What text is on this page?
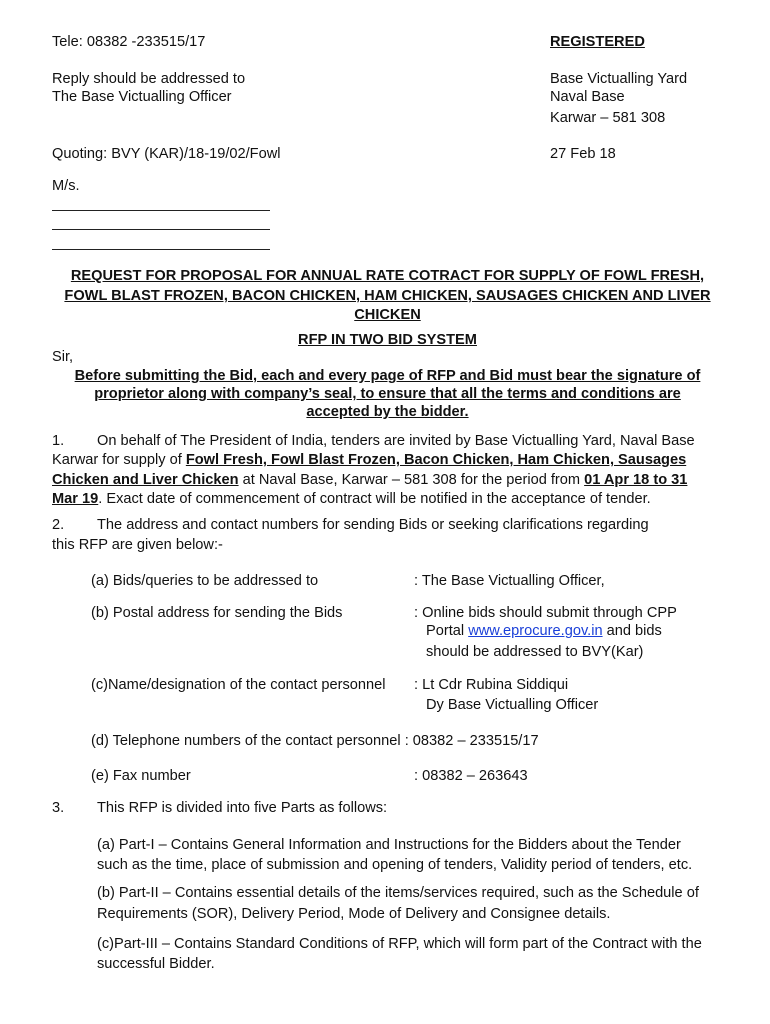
Tele: 08382 -233515/17	REGISTERED
Reply should be addressed to
The Base Victualling Officer
Base Victualling Yard
Naval Base
Karwar – 581 308
Quoting: BVY (KAR)/18-19/02/Fowl	27 Feb 18
M/s.
REQUEST FOR PROPOSAL FOR ANNUAL RATE COTRACT FOR SUPPLY OF FOWL FRESH,
FOWL BLAST FROZEN, BACON CHICKEN, HAM CHICKEN, SAUSAGES CHICKEN AND LIVER
CHICKEN
RFP IN TWO BID SYSTEM
Sir,
Before submitting the Bid, each and every page of RFP and Bid must bear the signature of
proprietor along with company’s seal, to ensure that all the terms and conditions are
accepted by the bidder.
1. On behalf of The President of India, tenders are invited by Base Victualling Yard, Naval Base
Karwar for supply of Fowl Fresh, Fowl Blast Frozen, Bacon Chicken, Ham Chicken, Sausages
Chicken and Liver Chicken at Naval Base, Karwar – 581 308 for the period from 01 Apr 18 to 31
Mar 19. Exact date of commencement of contract will be notified in the acceptance of tender.
2. The address and contact numbers for sending Bids or seeking clarifications regarding
this RFP are given below:-
(a) Bids/queries to be addressed to	: The Base Victualling Officer,
(b) Postal address for sending the Bids	: Online bids should submit through CPP
Portal www.eprocure.gov.in and bids
should be addressed to BVY(Kar)
(c)Name/designation of the contact personnel : Lt Cdr Rubina Siddiqui
Dy Base Victualling Officer
(d) Telephone numbers of the contact personnel : 08382 – 233515/17
(e) Fax number	: 08382 – 263643
3. This RFP is divided into five Parts as follows:
(a) Part-I – Contains General Information and Instructions for the Bidders about the Tender
such as the time, place of submission and opening of tenders, Validity period of tenders, etc.
(b) Part-II – Contains essential details of the items/services required, such as the Schedule of
Requirements (SOR), Delivery Period, Mode of Delivery and Consignee details.
(c)Part-III – Contains Standard Conditions of RFP, which will form part of the Contract with the
successful Bidder.
